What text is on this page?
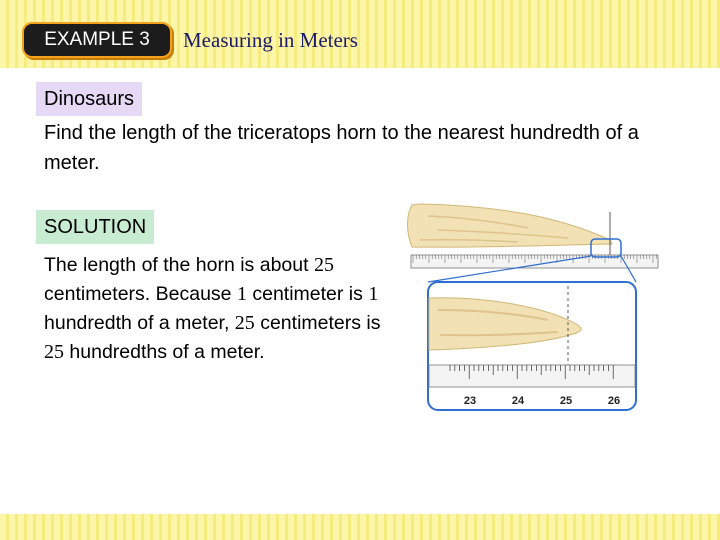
EXAMPLE 3	Measuring in Meters
Dinosaurs
Find the length of the triceratops horn to the nearest hundredth of a meter.
SOLUTION
The length of the horn is about 25 centimeters. Because 1 centimeter is 1 hundredth of a meter, 25 centimeters is 25 hundredths of a meter.
23	24	25	26
